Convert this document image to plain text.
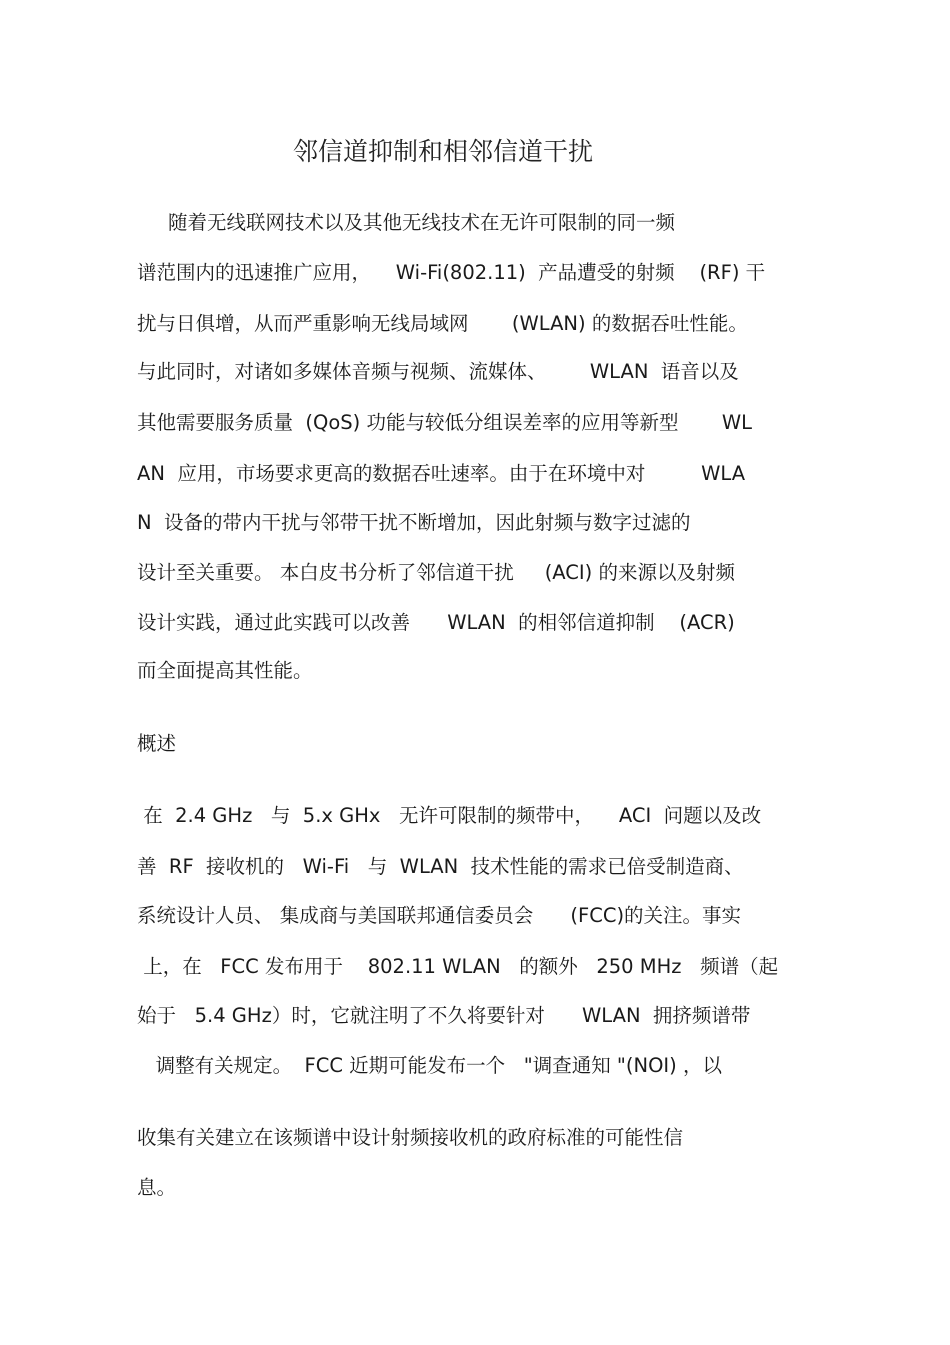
邻信道抑制和相邻信道干扰
随着无线联网技术以及其他无线技术在无许可限制的同一频
谱范围内的迅速推广应用，    Wi-Fi(802.11)  产品遭受的射频    (RF) 干
扰与日俱增，从而严重影响无线局域网       (WLAN) 的数据吞吐性能。
与此同时，对诸如多媒体音频与视频、流媒体、       WLAN  语音以及
其他需要服务质量  (QoS) 功能与较低分组误差率的应用等新型       WL
AN  应用，市场要求更高的数据吞吐速率。由于在环境中对         WLA
N  设备的带内干扰与邻带干扰不断增加，因此射频与数字过滤的
设计至关重要。 本白皮书分析了邻信道干扰     (ACI) 的来源以及射频
设计实践，通过此实践可以改善      WLAN  的相邻信道抑制    (ACR)
而全面提高其性能。
概述
在  2.4 GHz   与  5.x GHx   无许可限制的频带中，    ACI  问题以及改
善  RF  接收机的   Wi-Fi   与  WLAN  技术性能的需求已倍受制造商、
系统设计人员、 集成商与美国联邦通信委员会      (FCC)的关注。事实
上，在   FCC 发布用于    802.11 WLAN   的额外   250 MHz   频谱（起
始于   5.4 GHz）时，它就注明了不久将要针对      WLAN  拥挤频谱带
调整有关规定。  FCC 近期可能发布一个   "调查通知 "(NOI) ，以
收集有关建立在该频谱中设计射频接收机的政府标准的可能性信
息。
